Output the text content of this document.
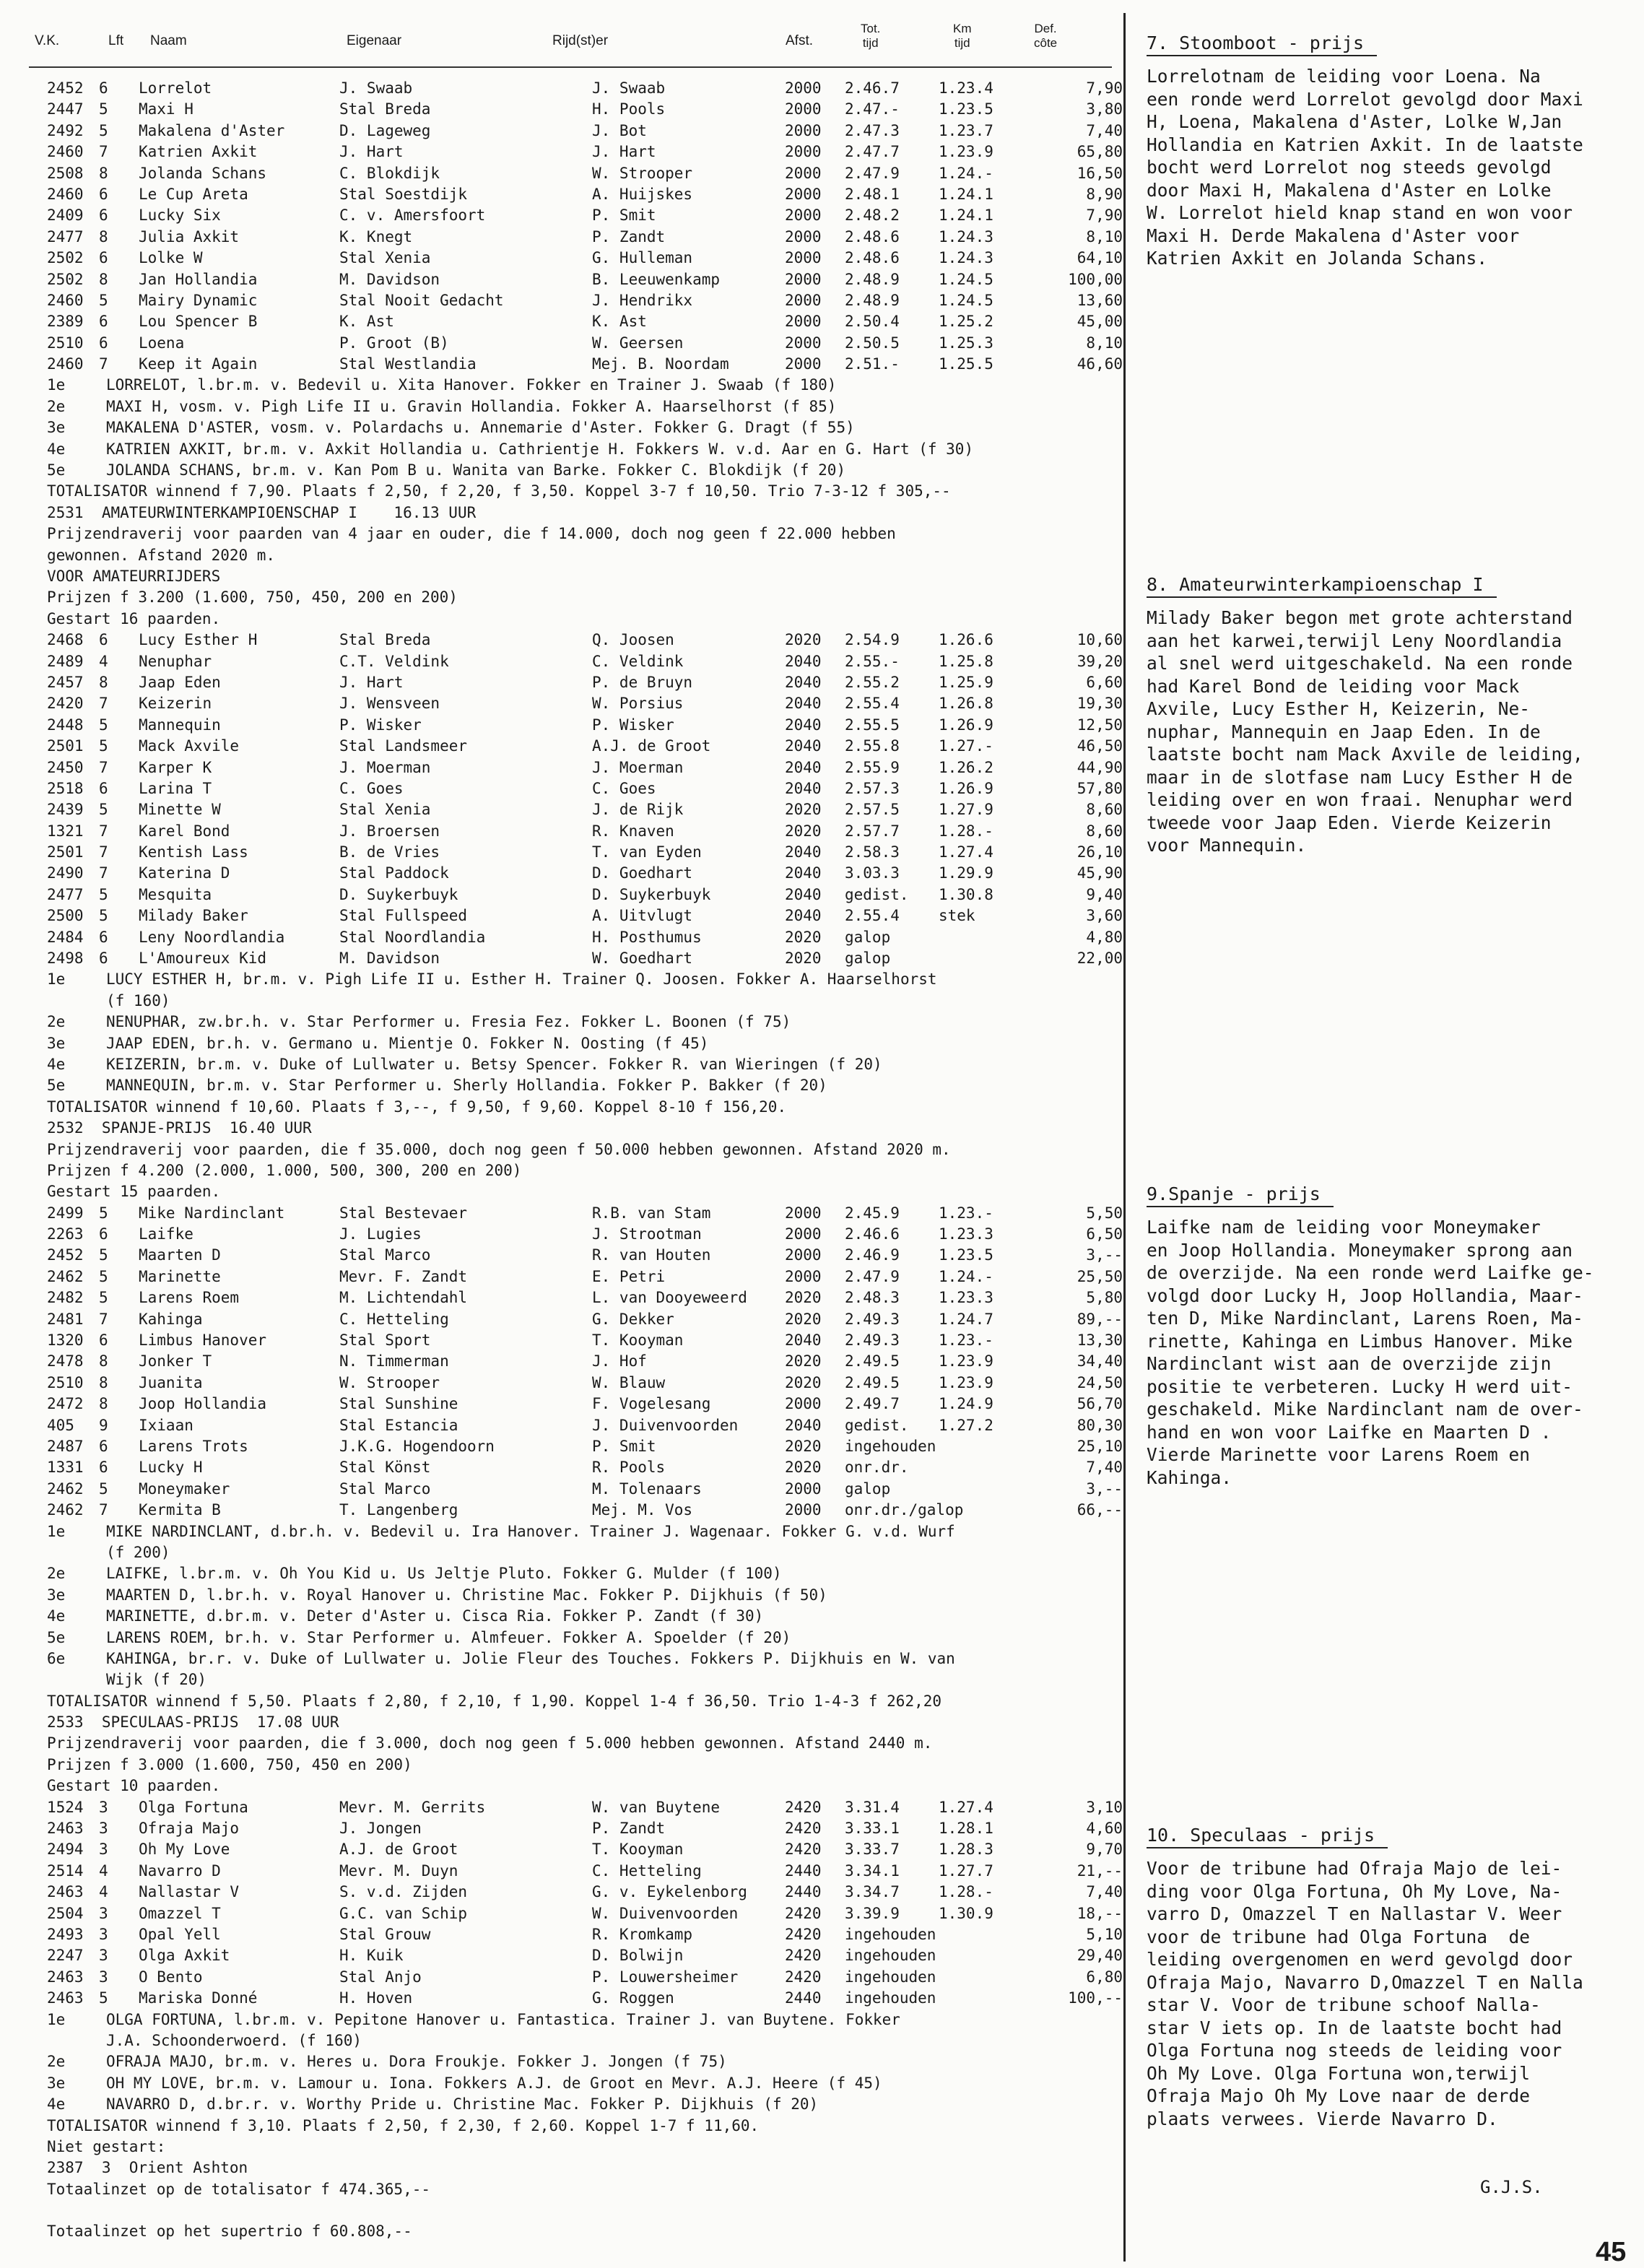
V.K.	Lft Naam	Eigenaar	Rijd(st)er	Afst.
Tot.
tijd
Km
tijd
Def.
côte
2452 6 Lorrelot	J. Swaab	J. Swaab	2000 2.46.7	1.23.4	7,90
2447 5 Maxi H	Stal Breda	H. Pools	2000 2.47.-	1.23.5	3,80
2492 5 Makalena d'Aster	D. Lageweg	J. Bot	2000 2.47.3	1.23.7	7,40
2460 7 Katrien Axkit	J. Hart	J. Hart	2000 2.47.7	1.23.9	65,80
2508 8 Jolanda Schans	C. Blokdijk	W. Strooper	2000 2.47.9	1.24.-	16,50
2460 6 Le Cup Areta	Stal Soestdijk	A. Huijskes	2000 2.48.1	1.24.1	8,90
2409 6 Lucky Six	C. v. Amersfoort	P. Smit	2000 2.48.2	1.24.1	7,90
2477 8 Julia Axkit	K. Knegt	P. Zandt	2000 2.48.6	1.24.3	8,10
2502 6 Lolke W	Stal Xenia	G. Hulleman	2000 2.48.6	1.24.3	64,10
2502 8 Jan Hollandia	M. Davidson	B. Leeuwenkamp	2000 2.48.9	1.24.5	100,00
2460 5 Mairy Dynamic	Stal Nooit Gedacht	J. Hendrikx	2000 2.48.9	1.24.5	13,60
2389 6 Lou Spencer B	K. Ast	K. Ast	2000 2.50.4	1.25.2	45,00
2510 6 Loena	P. Groot (B)	W. Geersen	2000 2.50.5	1.25.3	8,10
2460 7 Keep it Again	Stal Westlandia	Mej. B. Noordam	2000 2.51.-	1.25.5	46,60
1e	LORRELOT, l.br.m. v. Bedevil u. Xita Hanover. Fokker en Trainer J. Swaab (f 180)
2e	MAXI H, vosm. v. Pigh Life II u. Gravin Hollandia. Fokker A. Haarselhorst (f 85)
3e	MAKALENA D'ASTER, vosm. v. Polardachs u. Annemarie d'Aster. Fokker G. Dragt (f 55)
4e	KATRIEN AXKIT, br.m. v. Axkit Hollandia u. Cathrientje H. Fokkers W. v.d. Aar en G. Hart (f 30)
5e	JOLANDA SCHANS, br.m. v. Kan Pom B u. Wanita van Barke. Fokker C. Blokdijk (f 20)
TOTALISATOR winnend f 7,90. Plaats f 2,50, f 2,20, f 3,50. Koppel 3-7 f 10,50. Trio 7-3-12 f 305,--
2531  AMATEURWINTERKAMPIOENSCHAP I    16.13 UUR
Prijzendraverij voor paarden van 4 jaar en ouder, die f 14.000, doch nog geen f 22.000 hebben
gewonnen. Afstand 2020 m.
VOOR AMATEURRIJDERS
Prijzen f 3.200 (1.600, 750, 450, 200 en 200)
Gestart 16 paarden.
2468 6 Lucy Esther H	Stal Breda	Q. Joosen	2020 2.54.9	1.26.6	10,60
2489 4 Nenuphar	C.T. Veldink	C. Veldink	2040 2.55.-	1.25.8	39,20
2457 8 Jaap Eden	J. Hart	P. de Bruyn	2040 2.55.2	1.25.9	6,60
2420 7 Keizerin	J. Wensveen	W. Porsius	2040 2.55.4	1.26.8	19,30
2448 5 Mannequin	P. Wisker	P. Wisker	2040 2.55.5	1.26.9	12,50
2501 5 Mack Axvile	Stal Landsmeer	A.J. de Groot	2040 2.55.8	1.27.-	46,50
2450 7 Karper K	J. Moerman	J. Moerman	2040 2.55.9	1.26.2	44,90
2518 6 Larina T	C. Goes	C. Goes	2040 2.57.3	1.26.9	57,80
2439 5 Minette W	Stal Xenia	J. de Rijk	2020 2.57.5	1.27.9	8,60
1321 7 Karel Bond	J. Broersen	R. Knaven	2020 2.57.7	1.28.-	8,60
2501 7 Kentish Lass	B. de Vries	T. van Eyden	2040 2.58.3	1.27.4	26,10
2490 7 Katerina D	Stal Paddock	D. Goedhart	2040 3.03.3	1.29.9	45,90
2477 5 Mesquita	D. Suykerbuyk	D. Suykerbuyk	2040 gedist. 1.30.8	9,40
2500 5 Milady Baker	Stal Fullspeed	A. Uitvlugt	2040 2.55.4	stek	3,60
2484 6 Leny Noordlandia	Stal Noordlandia	H. Posthumus	2020 galop	4,80
2498 6 L'Amoureux Kid	M. Davidson	W. Goedhart	2020 galop	22,00
1e	LUCY ESTHER H, br.m. v. Pigh Life II u. Esther H. Trainer Q. Joosen. Fokker A. Haarselhorst
(f 160)
2e	NENUPHAR, zw.br.h. v. Star Performer u. Fresia Fez. Fokker L. Boonen (f 75)
3e	JAAP EDEN, br.h. v. Germano u. Mientje O. Fokker N. Oosting (f 45)
4e	KEIZERIN, br.m. v. Duke of Lullwater u. Betsy Spencer. Fokker R. van Wieringen (f 20)
5e	MANNEQUIN, br.m. v. Star Performer u. Sherly Hollandia. Fokker P. Bakker (f 20)
TOTALISATOR winnend f 10,60. Plaats f 3,--, f 9,50, f 9,60. Koppel 8-10 f 156,20.
2532  SPANJE-PRIJS  16.40 UUR
Prijzendraverij voor paarden, die f 35.000, doch nog geen f 50.000 hebben gewonnen. Afstand 2020 m.
Prijzen f 4.200 (2.000, 1.000, 500, 300, 200 en 200)
Gestart 15 paarden.
2499 5 Mike Nardinclant	Stal Bestevaer	R.B. van Stam	2000 2.45.9	1.23.-	5,50
2263 6 Laifke	J. Lugies	J. Strootman	2000 2.46.6	1.23.3	6,50
2452 5 Maarten D	Stal Marco	R. van Houten	2000 2.46.9	1.23.5	3,--
2462 5 Marinette	Mevr. F. Zandt	E. Petri	2000 2.47.9	1.24.-	25,50
2482 5 Larens Roem	M. Lichtendahl	L. van Dooyeweerd 2020 2.48.3	1.23.3	5,80
2481 7 Kahinga	C. Hetteling	G. Dekker	2020 2.49.3	1.24.7	89,--
1320 6 Limbus Hanover	Stal Sport	T. Kooyman	2040 2.49.3	1.23.-	13,30
2478 8 Jonker T	N. Timmerman	J. Hof	2020 2.49.5	1.23.9	34,40
2510 8 Juanita	W. Strooper	W. Blauw	2020 2.49.5	1.23.9	24,50
2472 8 Joop Hollandia	Stal Sunshine	F. Vogelesang	2000 2.49.7	1.24.9	56,70
405 9 Ixiaan	Stal Estancia	J. Duivenvoorden	2040 gedist. 1.27.2	80,30
2487 6 Larens Trots	J.K.G. Hogendoorn	P. Smit	2020 ingehouden	25,10
1331 6 Lucky H	Stal Könst	R. Pools	2020 onr.dr.	7,40
2462 5 Moneymaker	Stal Marco	M. Tolenaars	2000 galop	3,--
2462 7 Kermita B	T. Langenberg	Mej. M. Vos	2000 onr.dr./galop	66,--
1e	MIKE NARDINCLANT, d.br.h. v. Bedevil u. Ira Hanover. Trainer J. Wagenaar. Fokker G. v.d. Wurf
(f 200)
2e	LAIFKE, l.br.m. v. Oh You Kid u. Us Jeltje Pluto. Fokker G. Mulder (f 100)
3e	MAARTEN D, l.br.h. v. Royal Hanover u. Christine Mac. Fokker P. Dijkhuis (f 50)
4e	MARINETTE, d.br.m. v. Deter d'Aster u. Ciscа Ria. Fokker P. Zandt (f 30)
5e	LARENS ROEM, br.h. v. Star Performer u. Almfeuer. Fokker A. Spoelder (f 20)
6e	KAHINGA, br.r. v. Duke of Lullwater u. Jolie Fleur des Touches. Fokkers P. Dijkhuis en W. van
Wijk (f 20)
TOTALISATOR winnend f 5,50. Plaats f 2,80, f 2,10, f 1,90. Koppel 1-4 f 36,50. Trio 1-4-3 f 262,20
2533  SPECULAAS-PRIJS  17.08 UUR
Prijzendraverij voor paarden, die f 3.000, doch nog geen f 5.000 hebben gewonnen. Afstand 2440 m.
Prijzen f 3.000 (1.600, 750, 450 en 200)
Gestart 10 paarden.
1524 3 Olga Fortuna	Mevr. M. Gerrits	W. van Buytene	2420 3.31.4	1.27.4	3,10
2463 3 Ofraja Majo	J. Jongen	P. Zandt	2420 3.33.1	1.28.1	4,60
2494 3 Oh My Love	A.J. de Groot	T. Kooyman	2420 3.33.7	1.28.3	9,70
2514 4 Navarro D	Mevr. M. Duyn	C. Hetteling	2440 3.34.1	1.27.7	21,--
2463 4 Nallastar V	S. v.d. Zijden	G. v. Eykelenborg 2440 3.34.7	1.28.-	7,40
2504 3 Omazzel T	G.C. van Schip	W. Duivenvoorden	2420 3.39.9	1.30.9	18,--
2493 3 Opal Yell	Stal Grouw	R. Kromkamp	2420 ingehouden	5,10
2247 3 Olga Axkit	H. Kuik	D. Bolwijn	2420 ingehouden	29,40
2463 3 O Bento	Stal Anjo	P. Louwersheimer	2420 ingehouden	6,80
2463 5 Mariska Donné	H. Hoven	G. Roggen	2440 ingehouden	100,--
1e	OLGA FORTUNA, l.br.m. v. Pepitone Hanover u. Fantastica. Trainer J. van Buytene. Fokker
J.A. Schoonderwoerd. (f 160)
2e	OFRAJA MAJO, br.m. v. Heres u. Dora Froukje. Fokker J. Jongen (f 75)
3e	OH MY LOVE, br.m. v. Lamour u. Iona. Fokkers A.J. de Groot en Mevr. A.J. Heere (f 45)
4e	NAVARRO D, d.br.r. v. Worthy Pride u. Christine Mac. Fokker P. Dijkhuis (f 20)
TOTALISATOR winnend f 3,10. Plaats f 2,50, f 2,30, f 2,60. Koppel 1-7 f 11,60.
Niet gestart:
2387  3  Orient Ashton
Totaalinzet op de totalisator f 474.365,--
Totaalinzet op het supertrio f 60.808,--
7. Stoomboot - prijs
Lorrelotnam de leiding voor Loena. Na
een ronde werd Lorrelot gevolgd door Maxi
H, Loena, Makalena d'Aster, Lolke W,Jan
Hollandia en Katrien Axkit. In de laatste
bocht werd Lorrelot nog steeds gevolgd
door Maxi H, Makalena d'Aster en Lolke
W. Lorrelot hield knap stand en won voor
Maxi H. Derde Makalena d'Aster voor
Katrien Axkit en Jolanda Schans.
8. Amateurwinterkampioenschap I
Milady Baker begon met grote achterstand
aan het karwei,terwijl Leny Noordlandia
al snel werd uitgeschakeld. Na een ronde
had Karel Bond de leiding voor Mack
Axvile, Lucy Esther H, Keizerin, Ne-
nuphar, Mannequin en Jaap Eden. In de
laatste bocht nam Mack Axvile de leiding,
maar in de slotfase nam Lucy Esther H de
leiding over en won fraai. Nenuphar werd
tweede voor Jaap Eden. Vierde Keizerin
voor Mannequin.
9.Spanje - prijs
Laifke nam de leiding voor Moneymaker
en Joop Hollandia. Moneymaker sprong aan
de overzijde. Na een ronde werd Laifke ge-
volgd door Lucky H, Joop Hollandia, Maar-
ten D, Mike Nardinclant, Larens Roen, Ma-
rinette, Kahinga en Limbus Hanover. Mike
Nardinclant wist aan de overzijde zijn
positie te verbeteren. Lucky H werd uit-
geschakeld. Mike Nardinclant nam de over-
hand en won voor Laifke en Maarten D .
Vierde Marinette voor Larens Roem en
Kahinga.
10. Speculaas - prijs
Voor de tribune had Ofraja Majo de lei-
ding voor Olga Fortuna, Oh My Love, Na-
varro D, Omazzel T en Nallastar V. Weer
voor de tribune had Olga Fortuna  de
leiding overgenomen en werd gevolgd door
Ofraja Majo, Navarro D,Omazzel T en Nalla
star V. Voor de tribune schoof Nalla-
star V iets op. In de laatste bocht had
Olga Fortuna nog steeds de leiding voor
Oh My Love. Olga Fortuna won,terwijl
Ofraja Majo Oh My Love naar de derde
plaats verwees. Vierde Navarro D.
G.J.S.
45
